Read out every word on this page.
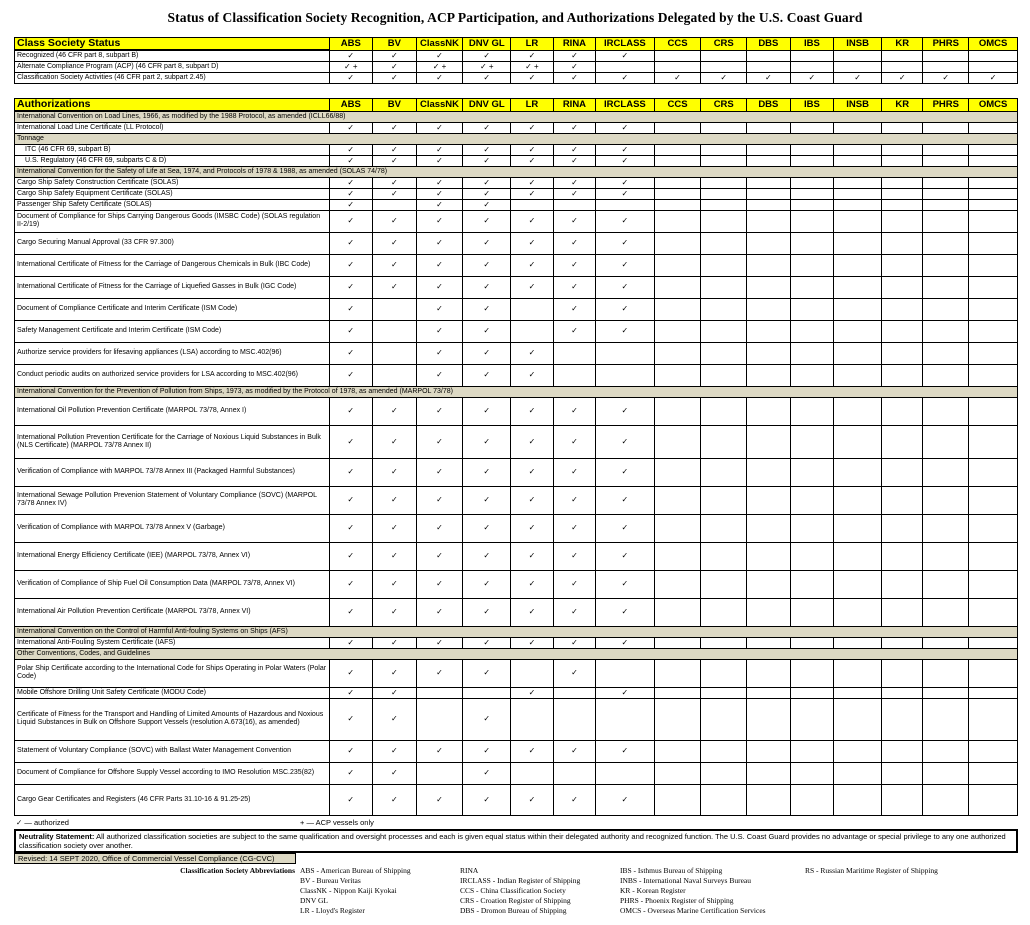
Status of Classification Society Recognition, ACP Participation, and Authorizations Delegated by the U.S. Coast Guard
Class Society Status	ABS	BV	ClassNK	DNV GL	LR	RINA	IRCLASS	CCS	CRS	DBS	IBS	INSB	KR	PHRS	OMCS
Recognized (46 CFR part 8, subpart B)	✓	✓	✓	✓	✓	✓	✓								
Alternate Compliance Program (ACP) (46 CFR part 8, subpart D)	✓ +	✓	✓ +	✓ +	✓ +	✓									
Classification Society Activities (46 CFR part 2, subpart 2.45)	✓	✓	✓	✓	✓	✓	✓	✓	✓	✓	✓	✓	✓	✓	✓
Authorizations	ABS	BV	ClassNK	DNV GL	LR	RINA	IRCLASS	CCS	CRS	DBS	IBS	INSB	KR	PHRS	OMCS
International Convention on Load Lines, 1966, as modified by the 1988 Protocol, as amended (ICLL66/88)															
International Load Line Certificate (LL Protocol)	✓	✓	✓	✓	✓	✓	✓								
Tonnage															
ITC (46 CFR 69, subpart B)	✓	✓	✓	✓	✓	✓	✓								
U.S. Regulatory (46 CFR 69, subparts C & D)	✓	✓	✓	✓	✓	✓	✓								
International Convention for the Safety of Life at Sea, 1974, and Protocols of 1978 & 1988, as amended (SOLAS 74/78)															
Cargo Ship Safety Construction Certificate (SOLAS)	✓	✓	✓	✓	✓	✓	✓								
Cargo Ship Safety Equipment Certificate (SOLAS)	✓	✓	✓	✓	✓	✓	✓								
Passenger Ship Safety Certificate (SOLAS)	✓		✓	✓											
Document of Compliance for Ships Carrying Dangerous Goods (IMSBC Code) (SOLAS regulation II-2/19)	✓	✓	✓	✓	✓	✓	✓								
Cargo Securing Manual Approval (33 CFR 97.300)	✓	✓	✓	✓	✓	✓	✓								
International Certificate of Fitness for the Carriage of Dangerous Chemicals in Bulk (IBC Code)	✓	✓	✓	✓	✓	✓	✓								
International Certificate of Fitness for the Carriage of Liquefied Gasses in Bulk (IGC Code)	✓	✓	✓	✓	✓	✓	✓								
Document of Compliance Certificate and Interim Certificate (ISM Code)	✓		✓	✓		✓	✓								
Safety Management Certificate and Interim Certificate (ISM Code)	✓		✓	✓		✓	✓								
Authorize service providers for lifesaving appliances (LSA) according to MSC.402(96)	✓		✓	✓	✓										
Conduct periodic audits on authorized service providers for LSA according to MSC.402(96)	✓		✓	✓	✓										
International Convention for the Prevention of Pollution from Ships, 1973, as modified by the Protocol of 1978, as amended (MARPOL 73/78)															
International Oil Pollution Prevention Certificate (MARPOL 73/78, Annex I)	✓	✓	✓	✓	✓	✓	✓								
International Pollution Prevention Certificate for the Carriage of Noxious Liquid Substances in Bulk (NLS Certificate) (MARPOL 73/78 Annex II)	✓	✓	✓	✓	✓	✓	✓								
Verification of Compliance with MARPOL 73/78 Annex III (Packaged Harmful Substances)	✓	✓	✓	✓	✓	✓	✓								
International Sewage Pollution Prevenion Statement of Voluntary Compliance (SOVC) (MARPOL 73/78 Annex IV)	✓	✓	✓	✓	✓	✓	✓								
Verification of Compliance with MARPOL 73/78 Annex V (Garbage)	✓	✓	✓	✓	✓	✓	✓								
International Energy Efficiency Certificate (IEE) (MARPOL 73/78, Annex VI)	✓	✓	✓	✓	✓	✓	✓								
Verification of Compliance of Ship Fuel Oil Consumption Data (MARPOL 73/78, Annex VI)	✓	✓	✓	✓	✓	✓	✓								
International Air Pollution Prevention Certificate (MARPOL 73/78, Annex VI)	✓	✓	✓	✓	✓	✓	✓								
International Convention on the Control of Harmful Anti-fouling Systems on Ships (AFS)															
International Anti-Fouling System Certificate (IAFS)	✓	✓	✓	✓	✓	✓	✓								
Other Conventions, Codes, and Guidelines															
Polar Ship Certificate according to the International Code for Ships Operating in Polar Waters (Polar Code)	✓	✓	✓	✓		✓									
Mobile Offshore Drilling Unit Safety Certificate (MODU Code)	✓	✓			✓		✓								
Certificate of Fitness for the Transport and Handling of Limited Amounts of Hazardous and Noxious Liquid Substances in Bulk on Offshore Support Vessels (resolution A.673(16), as amended)	✓	✓		✓											
Statement of Voluntary Compliance (SOVC) with Ballast Water Management Convention	✓	✓	✓	✓	✓	✓	✓								
Document of Compliance for Offshore Supply Vessel according to IMO Resolution MSC.235(82)	✓	✓		✓											
Cargo Gear Certificates and Registers (46 CFR Parts 31.10-16 & 91.25-25)	✓	✓	✓	✓	✓	✓	✓								
✓ — authorized	+ — ACP vessels only
Neutrality Statement: All authorized classification societies are subject to the same qualification and oversight processes and each is given equal status within their delegated authority and recognized function. The U.S. Coast Guard provides no advantage or special privilege to any one authorized classification society over another.
Revised: 14 SEPT 2020, Office of Commercial Vessel Compliance (CG-CVC)
Classification Society Abbreviations ABS - American Bureau of Shipping
BV - Bureau Veritas
ClassNK - Nippon Kaiji Kyokai
DNV GL
LR - Lloyd's Register
RINA
IRCLASS - Indian Register of Shipping
CCS - China Classification Society
CRS - Croation Register of Shipping
DBS - Dromon Bureau of Shipping
IBS - Isthmus Bureau of Shipping
INBS - International Naval Surveys Bureau
KR - Korean Register
PHRS - Phoenix Register of Shipping
OMCS - Overseas Marine Certification Services
RS - Russian Maritime Register of Shipping
